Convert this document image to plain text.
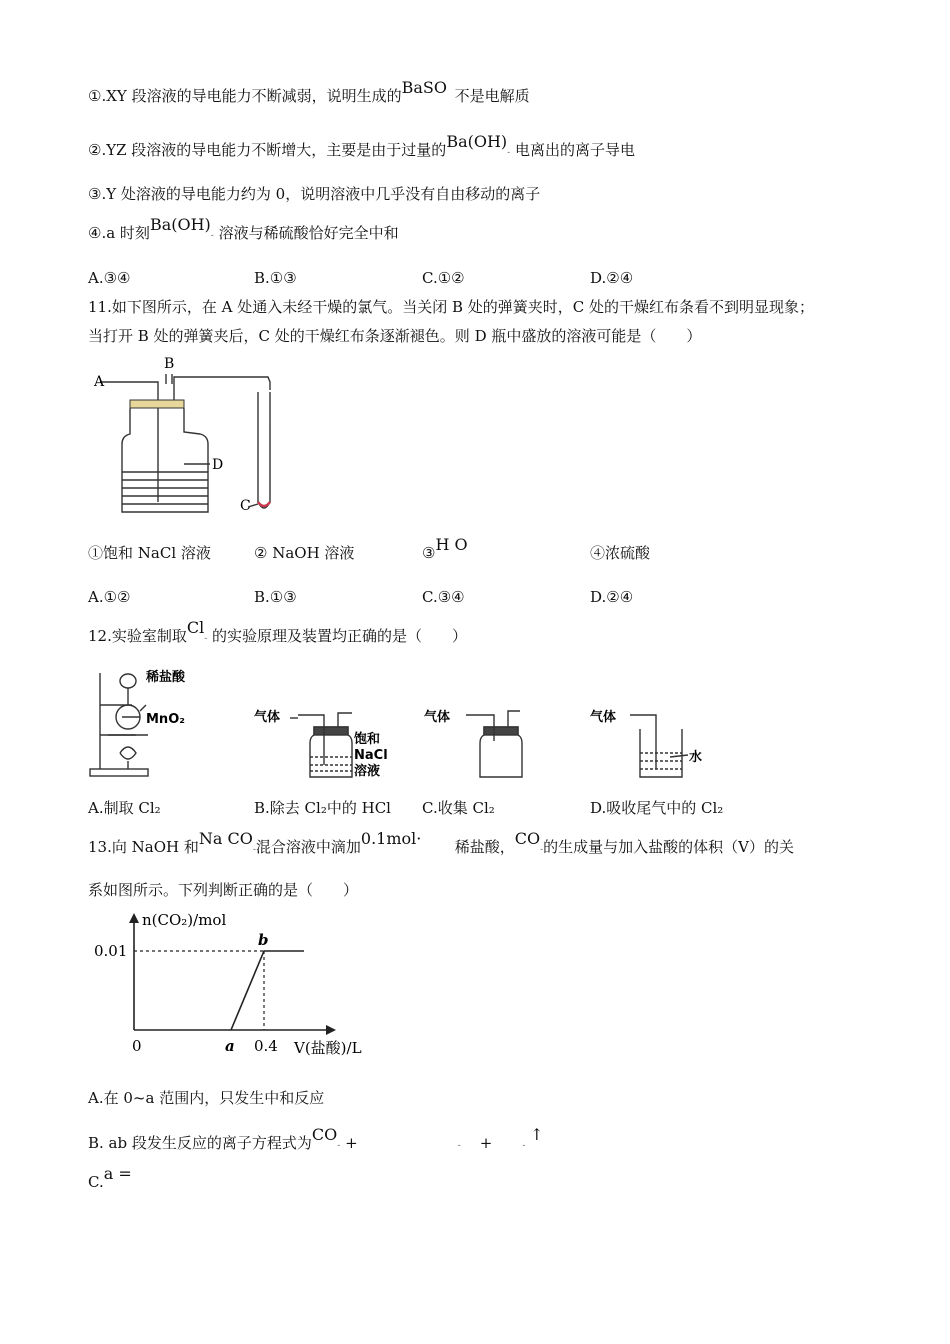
①.XY 段溶液的导电能力不断减弱，说明生成的BaSO 不是电解质
②.YZ 段溶液的导电能力不断增大，主要是由于过量的Ba(OH)- 电离出的离子导电
③.Y 处溶液的导电能力约为 0，说明溶液中几乎没有自由移动的离子
④.a 时刻Ba(OH)- 溶液与稀硫酸恰好完全中和
A.③④	B.①③	C.①②	D.②④
11.如下图所示，在 A 处通入未经干燥的氯气。当关闭 B 处的弹簧夹时，C 处的干燥红布条看不到明显现象；
当打开 B 处的弹簧夹后，C 处的干燥红布条逐渐褪色。则 D 瓶中盛放的溶液可能是（　　）
A
B
C
D
①饱和 NaCl 溶液	② NaOH 溶液	③H O	④浓硫酸
A.①②	B.①③	C.③④	D.②④
12.实验室制取Cl- 的实验原理及装置均正确的是（　　）
稀盐酸
MnO₂	气体
饱和
NaCl
溶液
气体	气体
水
A.制取 Cl₂	B.除去 Cl₂中的 HCl C.收集 Cl₂	D.吸收尾气中的 Cl₂
13.向 NaOH 和Na CO-混合溶液中滴加0.1mol· 稀盐酸，CO-的生成量与加入盐酸的体积（V）的关
系如图所示。下列判断正确的是（　　）
n(CO₂)/mol
0.01
0	a
b
0.4 V(盐酸)/L
A.在 0~a 范围内，只发生中和反应
B. ab 段发生反应的离子方程式为CO- +	- +	- ↑
C.a =
